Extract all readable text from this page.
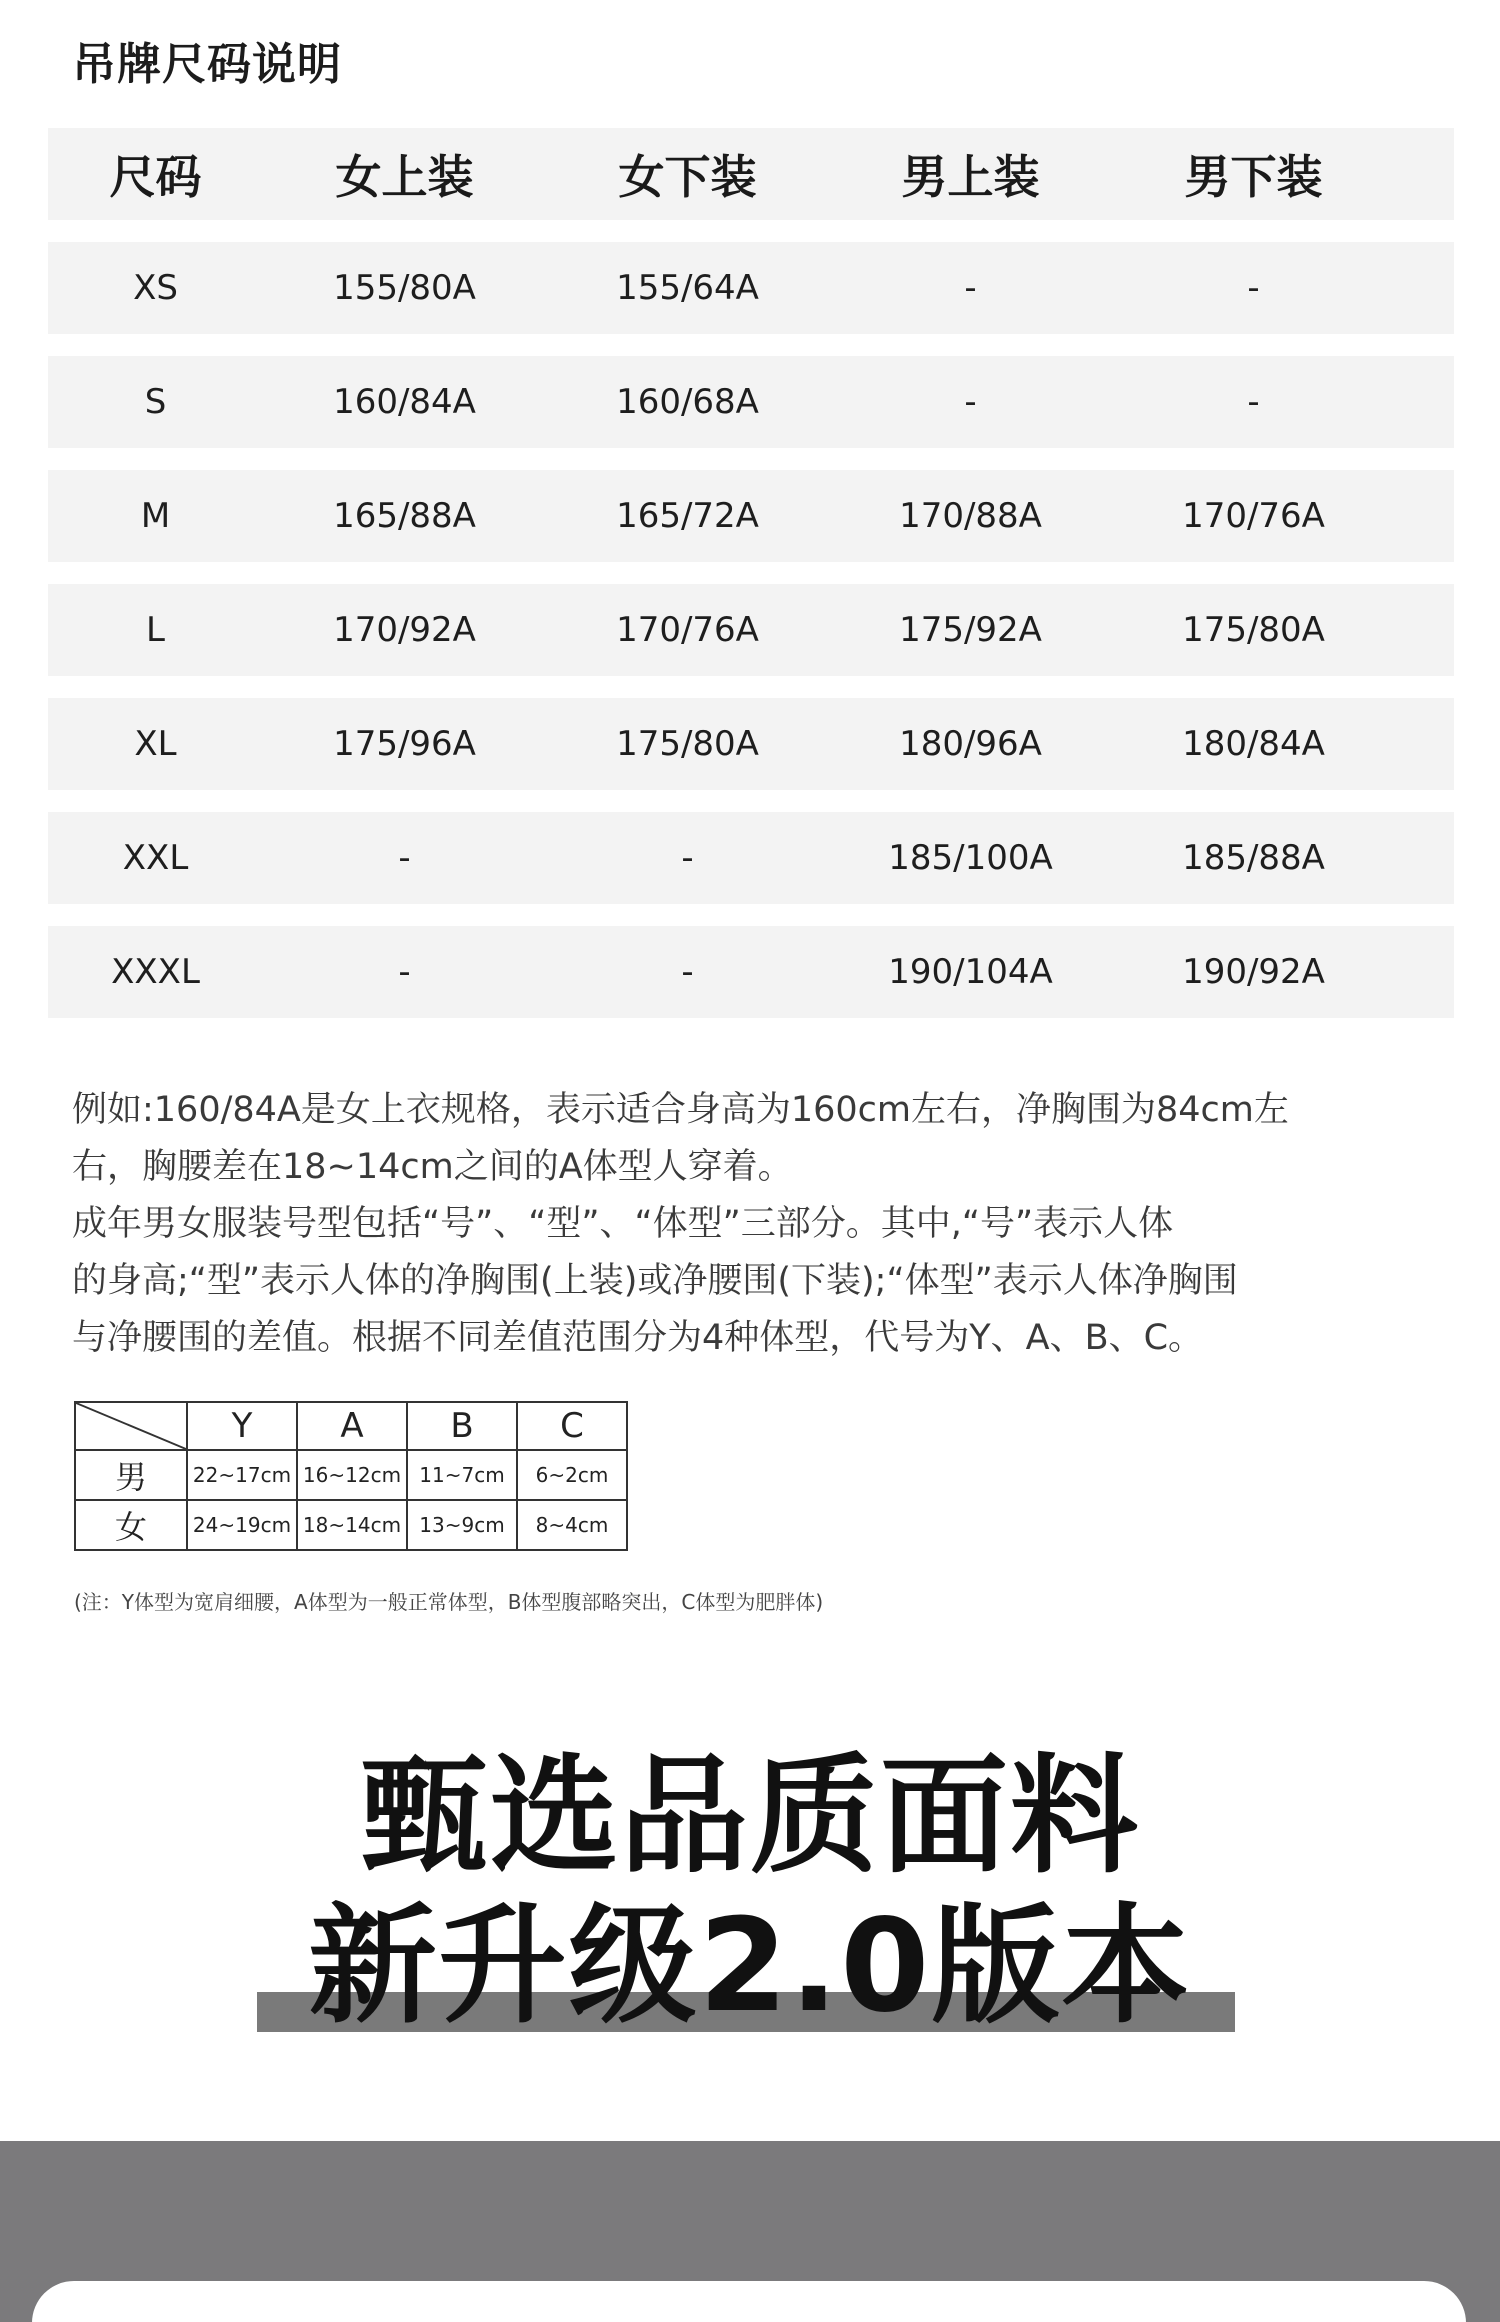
吊牌尺码说明
尺码	女上装	女下装	男上装	男下装
XS	155/80A	155/64A	-	-
S	160/84A	160/68A	-	-
M	165/88A	165/72A	170/88A	170/76A
L	170/92A	170/76A	175/92A	175/80A
XL	175/96A	175/80A	180/96A	180/84A
XXL	-	-	185/100A	185/88A
XXXL	-	-	190/104A	190/92A

例如:160/84A是女上衣规格，表示适合身高为160cm左右，净胸围为84cm左

右，胸腰差在18~14cm之间的A体型人穿着。

成年男女服装号型包括“号”、“型”、“体型”三部分。其中,“号”表示人体

的身高;“型”表示人体的净胸围(上装)或净腰围(下装);“体型”表示人体净胸围

与净腰围的差值。根据不同差值范围分为4种体型，代号为Y、A、B、C。

	Y	A	B	C
男	22~17cm	16~12cm	11~7cm	6~2cm
女	24~19cm	18~14cm	13~9cm	8~4cm
(注：Y体型为宽肩细腰，A体型为一般正常体型，B体型腹部略突出，C体型为肥胖体)
甄选品质面料
新升级2.0版本
